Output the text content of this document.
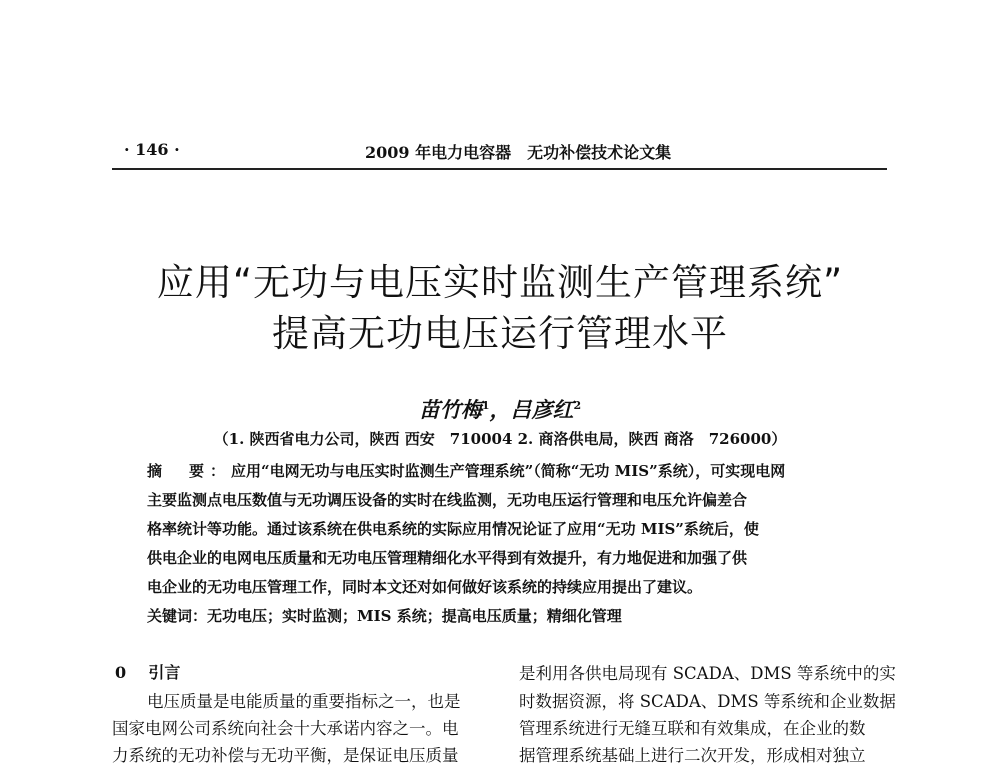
· 146 ·	2009 年电力电容器　无功补偿技术论文集
应用“无功与电压实时监测生产管理系统”
提高无功电压运行管理水平
苗竹梅$^1$，吕彦红$^2$
（1. 陕西省电力公司，陕西 西安　710004 2. 商洛供电局，陕西 商洛　726000）
摘　要：应用“电网无功与电压实时监测生产管理系统”（简称“无功 MIS”系统），可实现电网
主要监测点电压数值与无功调压设备的实时在线监测，无功电压运行管理和电压允许偏差合
格率统计等功能。通过该系统在供电系统的实际应用情况论证了应用“无功 MIS”系统后，使
供电企业的电网电压质量和无功电压管理精细化水平得到有效提升，有力地促进和加强了供
电企业的无功电压管理工作，同时本文还对如何做好该系统的持续应用提出了建议。
关键词：无功电压；实时监测；MIS 系统；提高电压质量；精细化管理
0 引言
电压质量是电能质量的重要指标之一，也是
国家电网公司系统向社会十大承诺内容之一。电
力系统的无功补偿与无功平衡，是保证电压质量
是利用各供电局现有 SCADA、DMS 等系统中的实
时数据资源，将 SCADA、DMS 等系统和企业数据
管理系统进行无缝互联和有效集成，在企业的数
据管理系统基础上进行二次开发，形成相对独立
